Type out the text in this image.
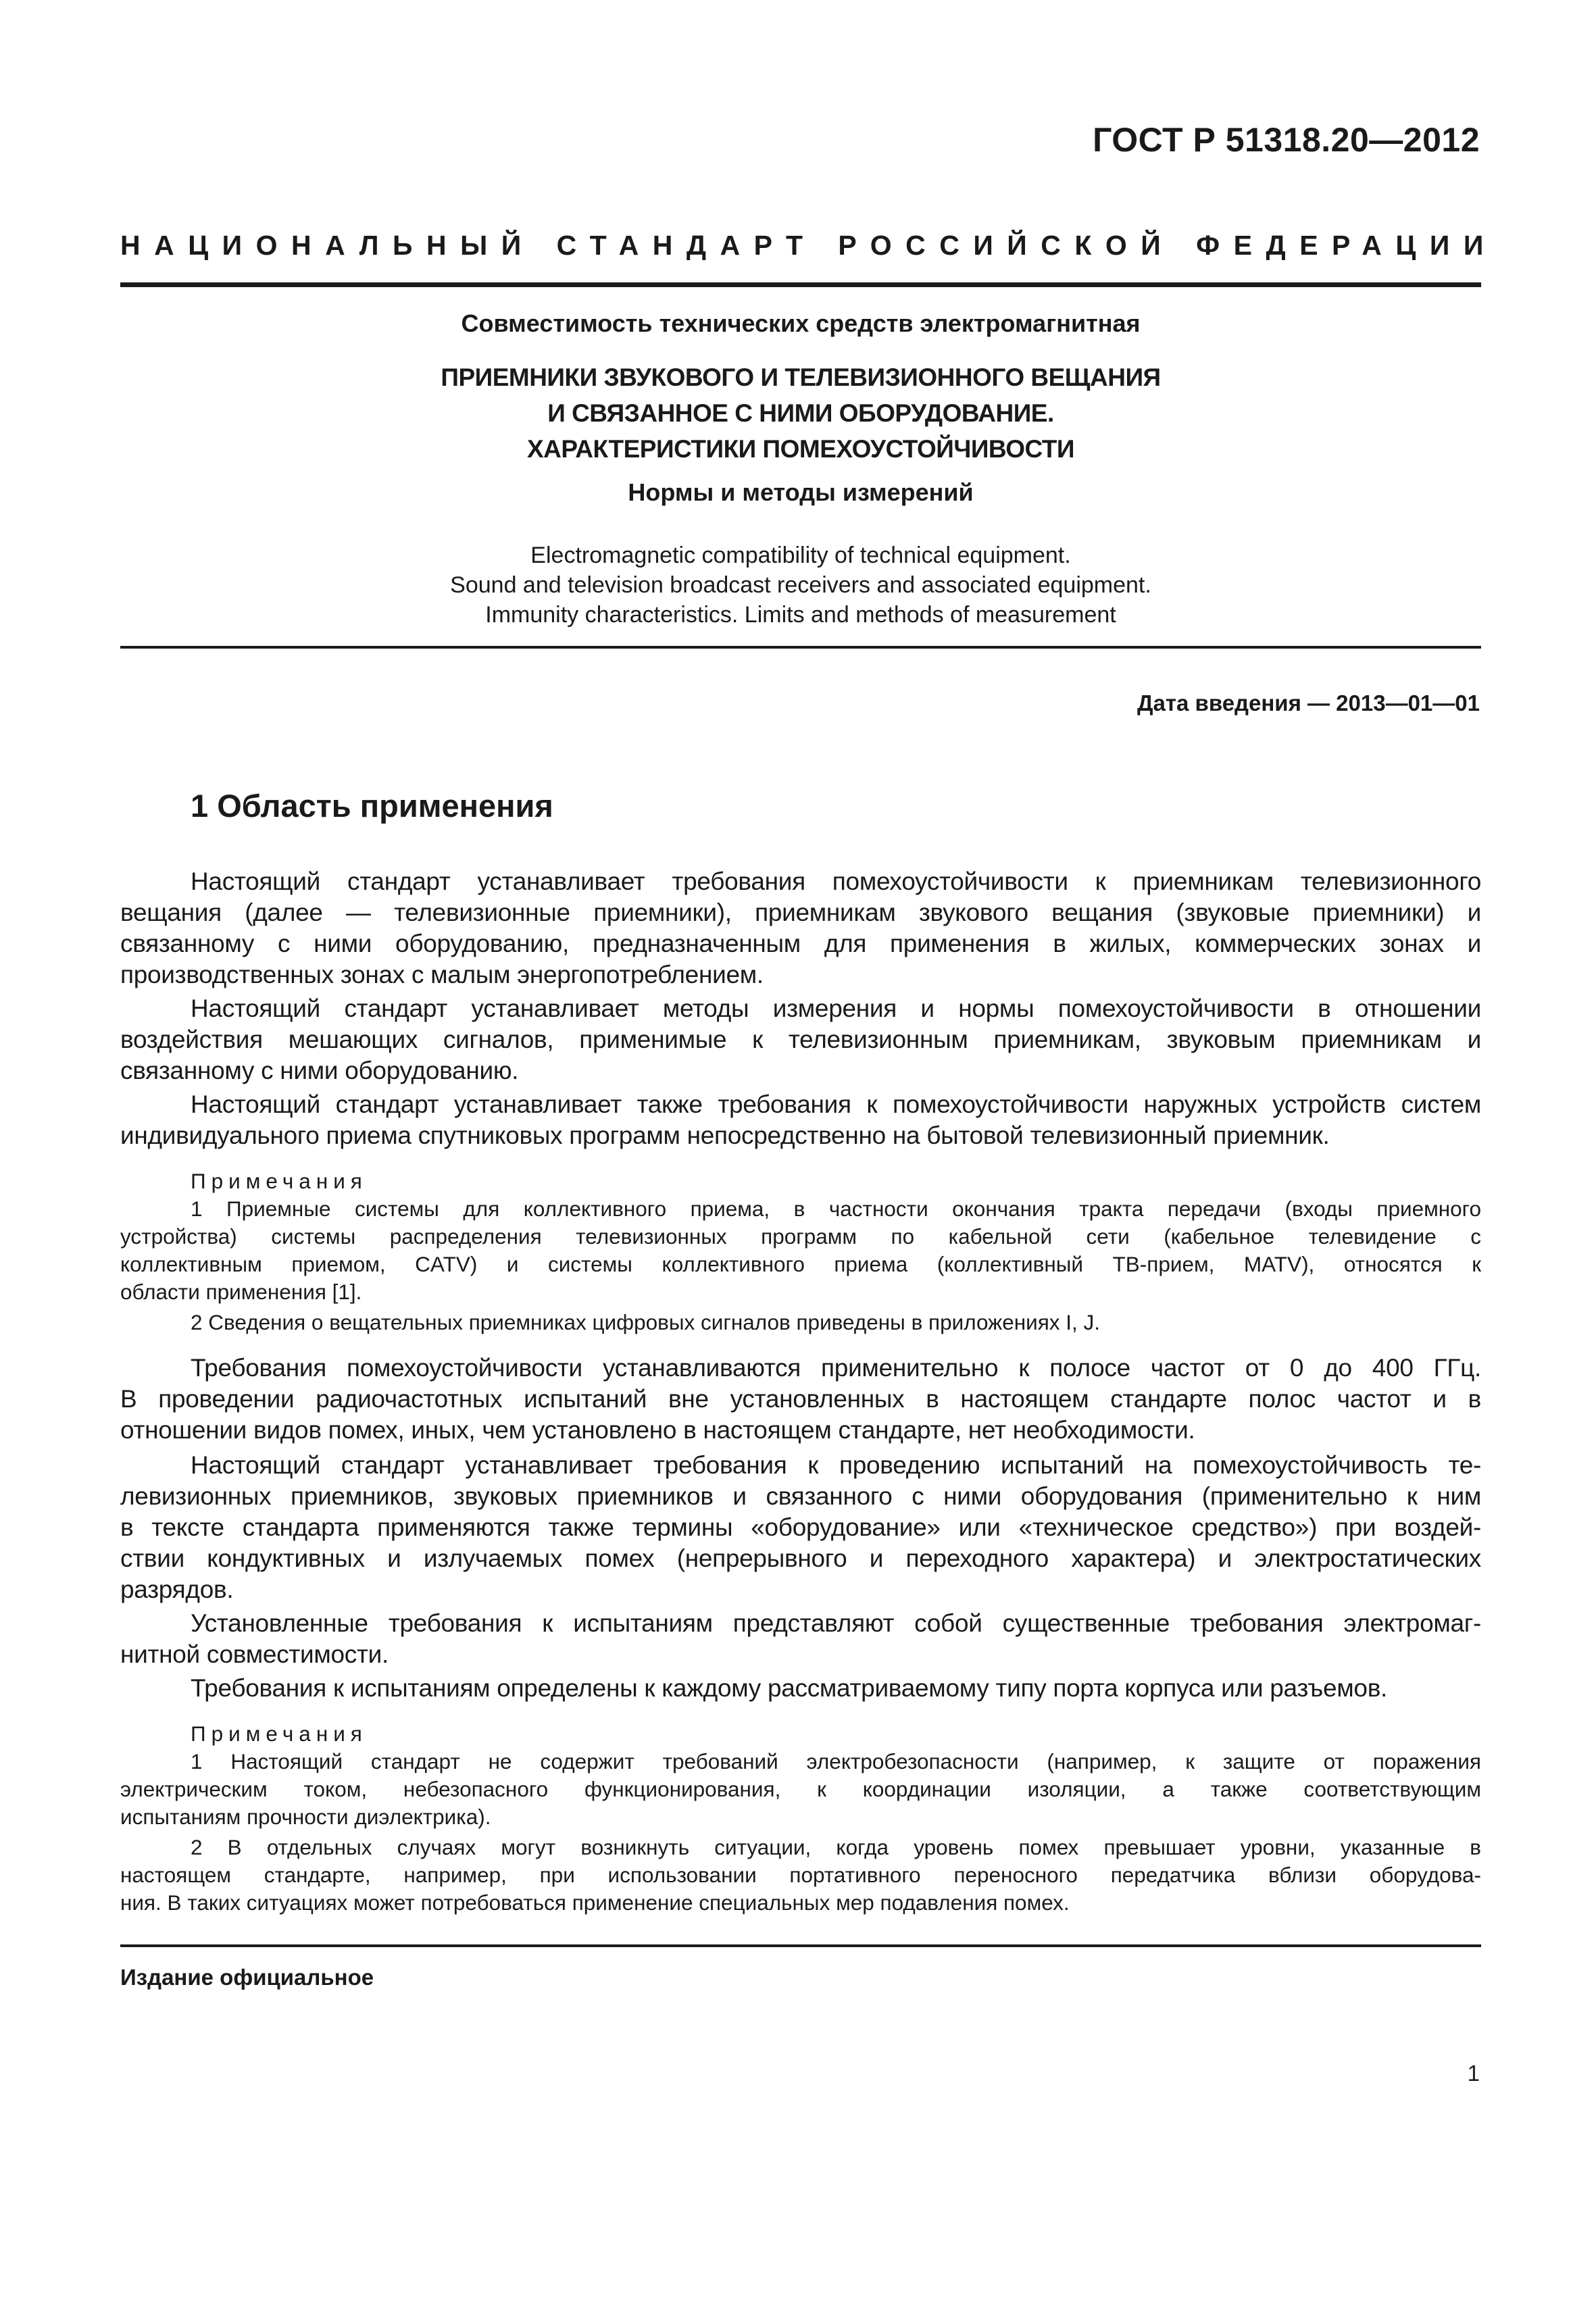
ГОСТ Р 51318.20—2012
НАЦИОНАЛЬНЫЙ СТАНДАРТ РОССИЙСКОЙ ФЕДЕРАЦИИ
Совместимость технических средств электромагнитная
ПРИЕМНИКИ ЗВУКОВОГО И ТЕЛЕВИЗИОННОГО ВЕЩАНИЯ
И СВЯЗАННОЕ С НИМИ ОБОРУДОВАНИЕ.
ХАРАКТЕРИСТИКИ ПОМЕХОУСТОЙЧИВОСТИ
Нормы и методы измерений
Electromagnetic compatibility of technical equipment.
Sound and television broadcast receivers and associated equipment.
Immunity characteristics. Limits and methods of measurement
Дата введения — 2013—01—01
1 Область применения
Настоящий стандарт устанавливает требования помехоустойчивости к приемникам телевизионного
вещания (далее — телевизионные приемники), приемникам звукового вещания (звуковые приемники) и
связанному с ними оборудованию, предназначенным для применения в жилых, коммерческих зонах и
производственных зонах с малым энергопотреблением.
Настоящий стандарт устанавливает методы измерения и нормы помехоустойчивости в отношении
воздействия мешающих сигналов, применимые к телевизионным приемникам, звуковым приемникам и
связанному с ними оборудованию.
Настоящий стандарт устанавливает также требования к помехоустойчивости наружных устройств систем
индивидуального приема спутниковых программ непосредственно на бытовой телевизионный приемник.
Примечания
1 Приемные системы для коллективного приема, в частности окончания тракта передачи (входы приемного
устройства) системы распределения телевизионных программ по кабельной сети (кабельное телевидение с
коллективным приемом, CATV) и системы коллективного приема (коллективный ТВ-прием, MATV), относятся к
области применения [1].
2 Сведения о вещательных приемниках цифровых сигналов приведены в приложениях I, J.
Требования помехоустойчивости устанавливаются применительно к полосе частот от 0 до 400 ГГц.
В проведении радиочастотных испытаний вне установленных в настоящем стандарте полос частот и в
отношении видов помех, иных, чем установлено в настоящем стандарте, нет необходимости.
Настоящий стандарт устанавливает требования к проведению испытаний на помехоустойчивость те-
левизионных приемников, звуковых приемников и связанного с ними оборудования (применительно к ним
в тексте стандарта применяются также термины «оборудование» или «техническое средство») при воздей-
ствии кондуктивных и излучаемых помех (непрерывного и переходного характера) и электростатических
разрядов.
Установленные требования к испытаниям представляют собой существенные требования электромаг-
нитной совместимости.
Требования к испытаниям определены к каждому рассматриваемому типу порта корпуса или разъемов.
Примечания
1 Настоящий стандарт не содержит требований электробезопасности (например, к защите от поражения
электрическим током, небезопасного функционирования, к координации изоляции, а также соответствующим
испытаниям прочности диэлектрика).
2 В отдельных случаях могут возникнуть ситуации, когда уровень помех превышает уровни, указанные в
настоящем стандарте, например, при использовании портативного переносного передатчика вблизи оборудова-
ния. В таких ситуациях может потребоваться применение специальных мер подавления помех.
Издание официальное
1
